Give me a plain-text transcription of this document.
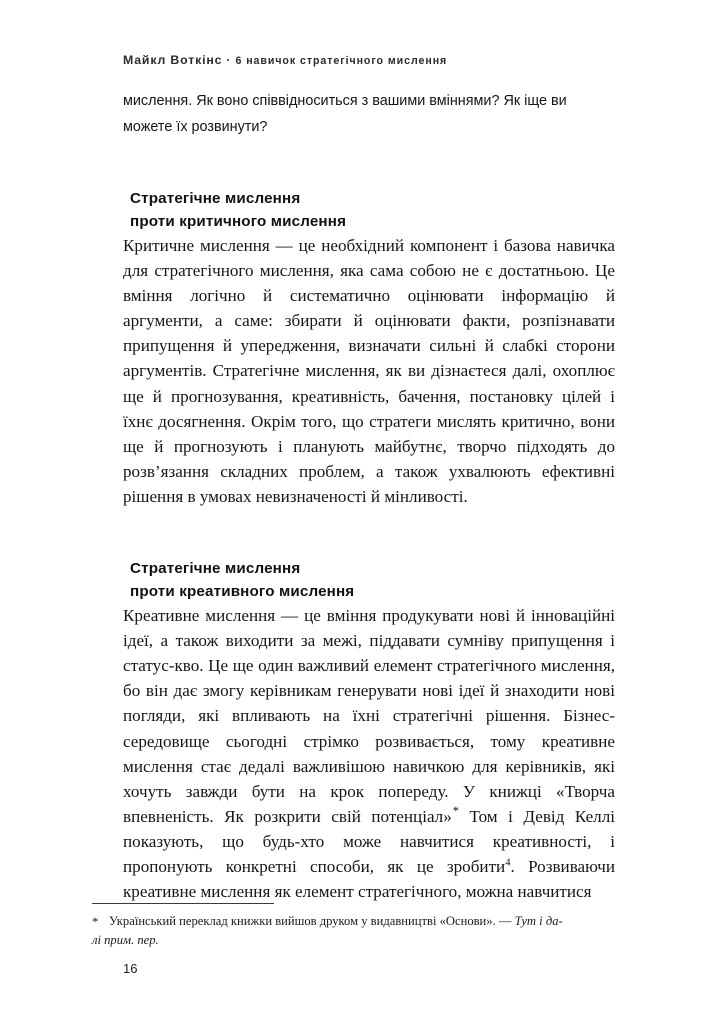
Майкл Воткінс · 6 навичок стратегічного мислення

мислення. Як воно співвідноситься з вашими вміннями? Як іще ви можете їх розвинути?

Стратегічне мислення
проти критичного мислення

Критичне мислення — це необхідний компонент і базова навичка для стратегічного мислення, яка сама собою не є достатньою. Це вміння логічно й систематично оцінювати інформацію й аргументи, а саме: збирати й оцінювати факти, розпізнавати припущення й упередження, визначати сильні й слабкі сторони аргументів. Стратегічне мислення, як ви дізнаєтеся далі, охоплює ще й прогнозування, креативність, бачення, постановку цілей і їхнє досягнення. Окрім того, що стратеги мислять критично, вони ще й прогнозують і планують майбутнє, творчо підходять до розв’язання складних проблем, а також ухвалюють ефективні рішення в умовах невизначеності й мінливості.

Стратегічне мислення
проти креативного мислення

Креативне мислення — це вміння продукувати нові й інноваційні ідеї, а також виходити за межі, піддавати сумніву припущення і статус-кво. Це ще один важливий елемент стратегічного мислення, бо він дає змогу керівникам генерувати нові ідеї й знаходити нові погляди, які впливають на їхні стратегічні рішення. Бізнес-середовище сьогодні стрімко розвивається, тому креативне мислення стає дедалі важливішою навичкою для керівників, які хочуть завжди бути на крок попереду. У книжці «Творча впевненість. Як розкрити свій потенціал»* Том і Девід Келлі показують, що будь-хто може навчитися креативності, і пропонують конкретні способи, як це зробити$^4$. Розвиваючи креативне мислення як елемент стратегічного, можна навчитися

* Український переклад книжки вийшов друком у видавництві «Основи». — Тут і да-
лі прим. пер.
16
